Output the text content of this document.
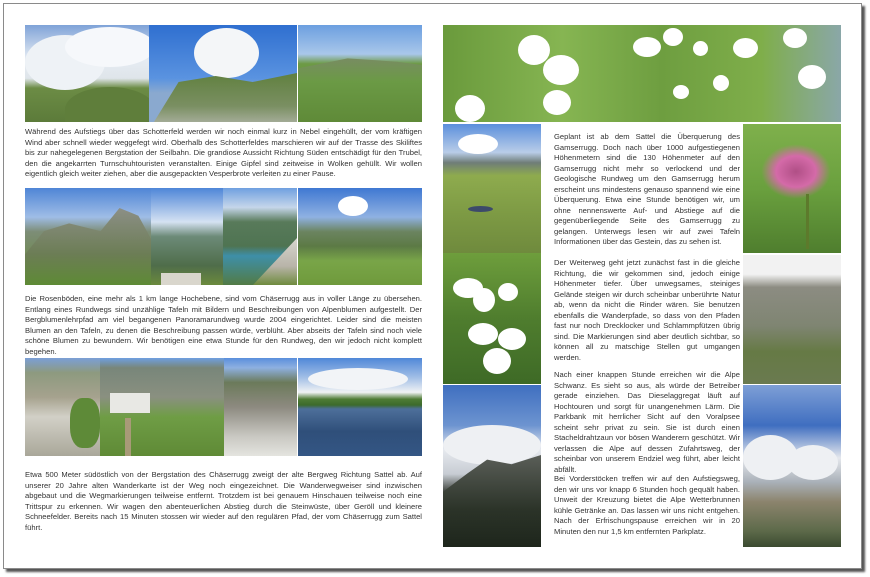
Während des Aufstiegs über das Schotterfeld werden wir noch einmal kurz in Nebel eingehüllt, der vom kräftigen Wind aber schnell wieder weggefegt wird. Oberhalb des Schotterfeldes marschieren wir auf der Trasse des Skiliftes bis zur nahegelegenen Bergstation der Seilbahn. Die grandiose Aussicht Richtung Süden entschädigt für den Trubel, den die angekarrten Turnschuhtouristen veranstalten. Einige Gipfel sind zeitweise in Wolken gehüllt. Wir wollen eigentlich gleich weiter ziehen, aber die ausgepackten Vesperbrote verleiten zu einer Pause.

Die Rosenböden, eine mehr als 1 km lange Hochebene, sind vom Chäserrugg aus in voller Länge zu übersehen. Entlang eines Rundwegs sind unzählige Tafeln mit Bildern und Beschreibungen von Alpenblumen aufgestellt. Der Bergblumenlehrpfad am viel begangenen Panoramarundweg wurde 2004 eingerichtet. Leider sind die meisten Blumen an den Tafeln, zu denen die Beschreibung passen würde, verblüht. Aber abseits der Tafeln sind noch viele schöne Blumen zu bewundern. Wir benötigen eine etwa Stunde für den Rundweg, den wir jedoch nicht komplett begehen.

Etwa 500 Meter südöstlich von der Bergstation des Chäserrugg zweigt der alte Bergweg Richtung Sattel ab. Auf unserer 20 Jahre alten Wanderkarte ist der Weg noch eingezeichnet. Die Wanderwegweiser sind inzwischen abgebaut und die Wegmarkierungen teilweise entfernt. Trotzdem ist bei genauem Hinschauen teilweise noch eine Trittspur zu erkennen. Wir wagen den abenteuerlichen Abstieg durch die Steinwüste, über Geröll und kleinere Schneefelder. Bereits nach 15 Minuten stossen wir wieder auf den regulären Pfad, der vom Chäserrugg zum Sattel führt.

Geplant ist ab dem Sattel die Überquerung des Gamserrugg. Doch nach über 1000 aufgestiegenen Höhenmetern sind die 130 Höhenmeter auf den Gamserrugg nicht mehr so verlockend und der Geologische Rundweg um den Gamserrugg herum erscheint uns mindestens genauso spannend wie eine Überquerung. Etwa eine Stunde benötigen wir, um ohne nennenswerte Auf- und Abstiege auf die gegenüberliegende Seite des Gamserrugg zu gelangen. Unterwegs lesen wir auf zwei Tafeln Informationen über das Gestein, das zu sehen ist.

Der Weiterweg geht jetzt zunächst fast in die gleiche Richtung, die wir gekommen sind, jedoch einige Höhenmeter tiefer. Über unwegsames, steiniges Gelände steigen wir durch scheinbar unberührte Natur ab, wenn da nicht die Rinder wären. Sie benutzen ebenfalls die Wanderpfade, so dass von den Pfaden fast nur noch Drecklocker und Schlammpfützen übrig sind. Die Markierungen sind aber deutlich sichtbar, so können all zu matschige Stellen gut umgangen werden.

Nach einer knappen Stunde erreichen wir die Alpe Schwanz. Es sieht so aus, als würde der Betreiber gerade einziehen. Das Dieselaggregat läuft auf Hochtouren und sorgt für unangenehmen Lärm. Die Parkbank mit herrlicher Sicht auf den Voralpsee scheint sehr privat zu sein. Sie ist durch einen Stacheldrahtzaun vor bösen Wanderern geschützt. Wir verlassen die Alpe auf dessen Zufahrtsweg, der scheinbar von unserem Endziel weg führt, aber leicht abfällt.

Bei Vorderstöcken treffen wir auf den Aufstiegsweg, den wir uns vor knapp 6 Stunden hoch gequält haben. Unweit der Kreuzung bietet die Alpe Wetterbrunnen kühle Getränke an. Das lassen wir uns nicht entgehen. Nach der Erfrischungspause erreichen wir in 20 Minuten den nur 1,5 km entfernten Parkplatz.
